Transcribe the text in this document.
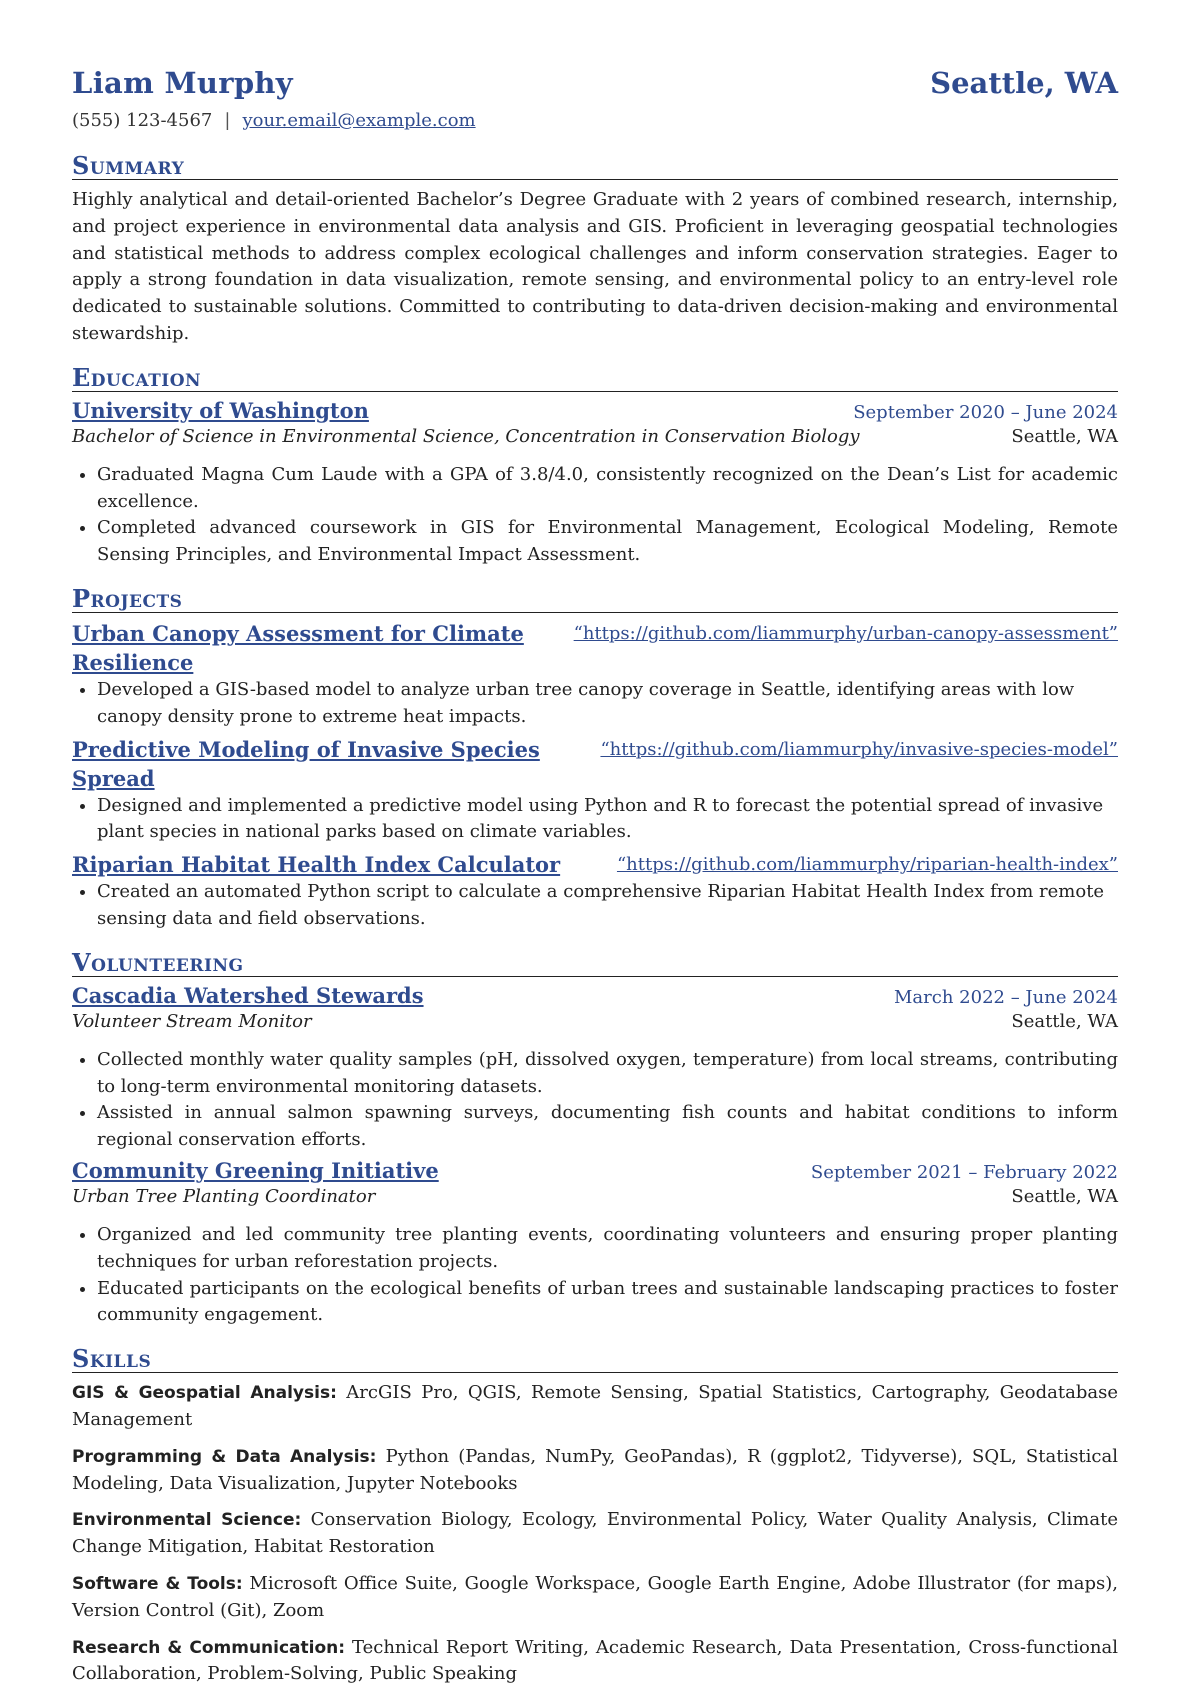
Liam Murphy	Seattle, WA
(555) 123-4567 | your.email@example.com
Summary
Highly analytical and detail-oriented Bachelor’s Degree Graduate with 2 years of combined research, internship, and project experience in environmental data analysis and GIS. Proficient in leveraging geospatial technologies and statistical methods to address complex ecological challenges and inform conservation strategies. Eager to apply a strong foundation in data visualization, remote sensing, and environmental policy to an entry-level role dedicated to sustainable solutions. Committed to contributing to data-driven decision-making and environmental stewardship.
Education
University of Washington	September 2020 – June 2024
Bachelor of Science in Environmental Science, Concentration in Conservation Biology	Seattle, WA
• Graduated Magna Cum Laude with a GPA of 3.8/4.0, consistently recognized on the Dean’s List for academic excellence.
• Completed advanced coursework in GIS for Environmental Management, Ecological Modeling, Remote Sensing Principles, and Environmental Impact Assessment.
Projects
Urban Canopy Assessment for Climate Resilience
“https://github.com/liammurphy/urban-canopy-assessment”
• Developed a GIS-based model to analyze urban tree canopy coverage in Seattle, identifying areas with low canopy density prone to extreme heat impacts.
Predictive Modeling of Invasive Species Spread
“https://github.com/liammurphy/invasive-species-model”
• Designed and implemented a predictive model using Python and R to forecast the potential spread of invasive plant species in national parks based on climate variables.
Riparian Habitat Health Index Calculator	“https://github.com/liammurphy/riparian-health-index”
• Created an automated Python script to calculate a comprehensive Riparian Habitat Health Index from remote sensing data and field observations.
Volunteering
Cascadia Watershed Stewards	March 2022 – June 2024
Volunteer Stream Monitor	Seattle, WA
• Collected monthly water quality samples (pH, dissolved oxygen, temperature) from local streams, contributing to long-term environmental monitoring datasets.
• Assisted in annual salmon spawning surveys, documenting fish counts and habitat conditions to inform regional conservation efforts.
Community Greening Initiative	September 2021 – February 2022
Urban Tree Planting Coordinator	Seattle, WA
• Organized and led community tree planting events, coordinating volunteers and ensuring proper planting techniques for urban reforestation projects.
• Educated participants on the ecological benefits of urban trees and sustainable landscaping practices to foster community engagement.
Skills
GIS & Geospatial Analysis: ArcGIS Pro, QGIS, Remote Sensing, Spatial Statistics, Cartography, Geodatabase Management
Programming & Data Analysis: Python (Pandas, NumPy, GeoPandas), R (ggplot2, Tidyverse), SQL, Statistical Modeling, Data Visualization, Jupyter Notebooks
Environmental Science: Conservation Biology, Ecology, Environmental Policy, Water Quality Analysis, Climate Change Mitigation, Habitat Restoration
Software & Tools: Microsoft Office Suite, Google Workspace, Google Earth Engine, Adobe Illustrator (for maps), Version Control (Git), Zoom
Research & Communication: Technical Report Writing, Academic Research, Data Presentation, Cross-functional Collaboration, Problem-Solving, Public Speaking
